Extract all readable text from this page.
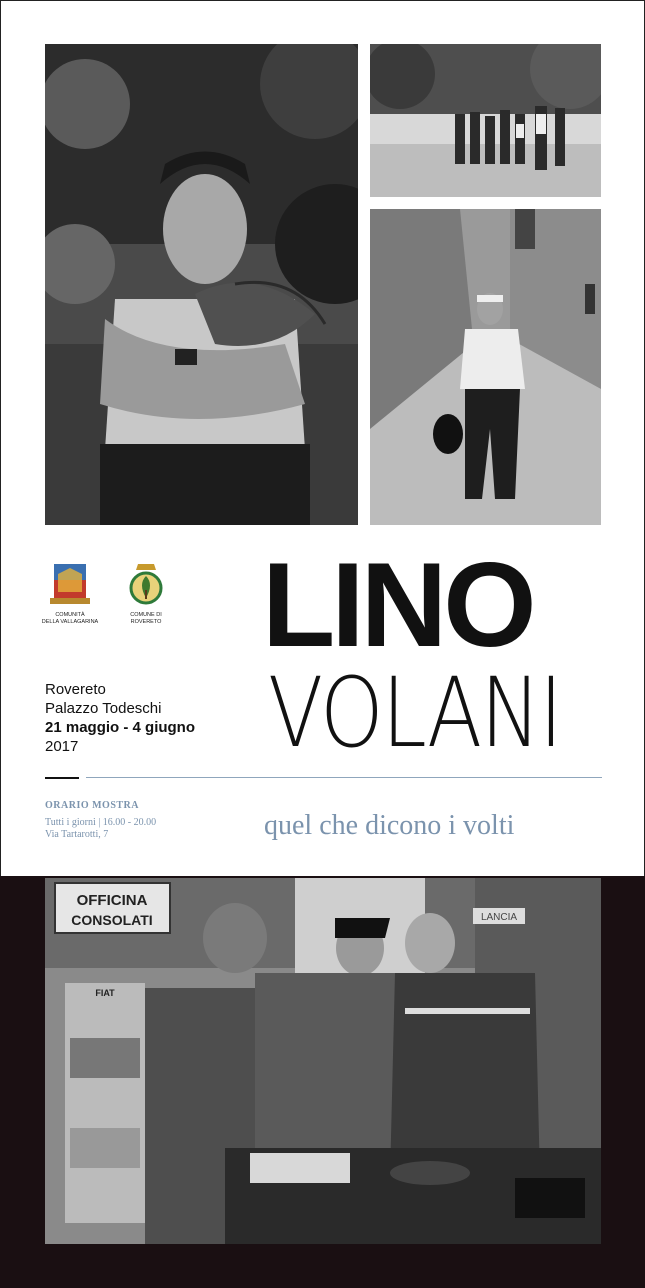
COMUNITÀ
DELLA VALLAGARINA
COMUNE DI
ROVERETO LINO
VOLANI
Rovereto
Palazzo Todeschi
21 maggio - 4 giugno
2017
ORARIO MOSTRA
Tutti i giorni | 16.00 - 20.00
Via Tartarotti, 7	quel che dicono i volti
OFFICINA
CONSOLATI	LANCIA
FIAT
